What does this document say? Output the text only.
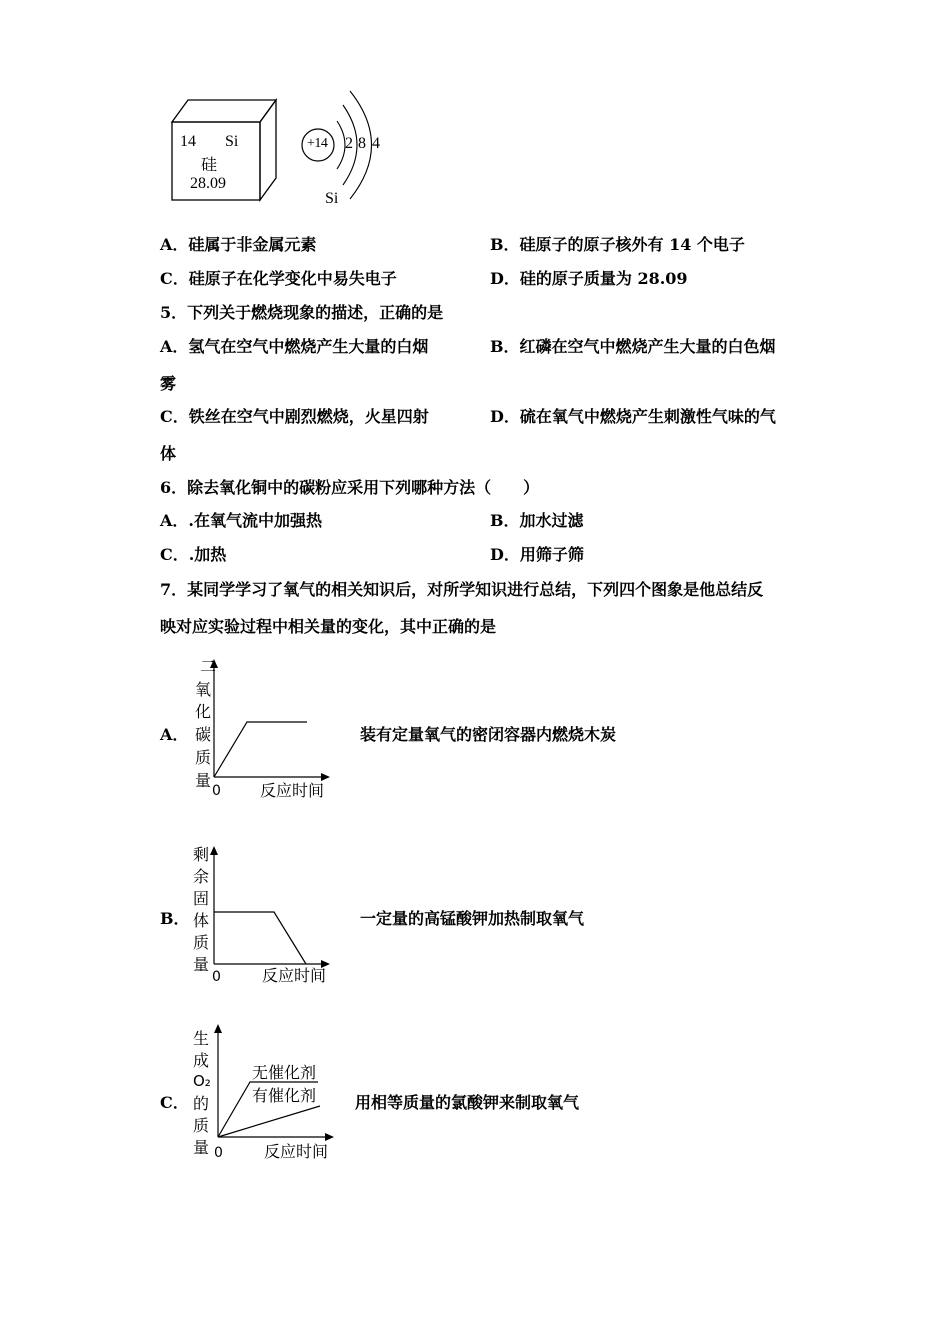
14 Si
硅
28.09
+14 2 8 4
Si
A．硅属于非金属元素	B．硅原子的原子核外有 14 个电子
C．硅原子在化学变化中易失电子	D．硅的原子质量为 28.09
5．下列关于燃烧现象的描述，正确的是
A．氢气在空气中燃烧产生大量的白烟	B．红磷在空气中燃烧产生大量的白色烟
雾
C．铁丝在空气中剧烈燃烧，火星四射	D．硫在氧气中燃烧产生刺激性气味的气
体
6．除去氧化铜中的碳粉应采用下列哪种方法（　　）
A．.在氧气流中加强热	B．加水过滤
C．.加热	D．用筛子筛
7．某同学学习了氧气的相关知识后，对所学知识进行总结，下列四个图象是他总结反
映对应实验过程中相关量的变化，其中正确的是
A．
二
氧
化
碳
质
量
0 反应时间
装有定量氧气的密闭容器内燃烧木炭
B．
剩
余
固
体
质
量
0	反应时间
一定量的高锰酸钾加热制取氧气
C．
生
成
O₂
的
质
量
无催化剂
有催化剂
0	反应时间
用相等质量的氯酸钾来制取氧气
